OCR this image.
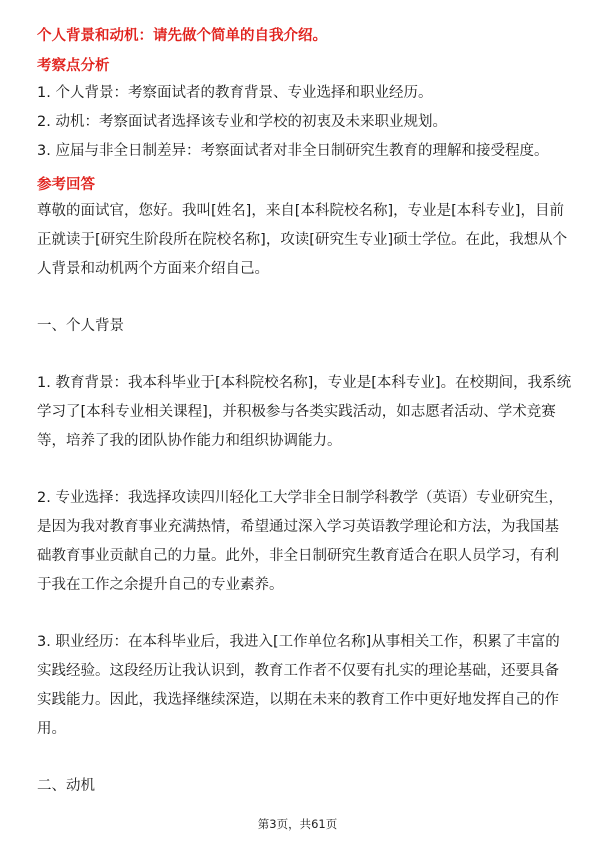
个人背景和动机：请先做个简单的自我介绍。
考察点分析
1. 个人背景：考察面试者的教育背景、专业选择和职业经历。
2. 动机：考察面试者选择该专业和学校的初衷及未来职业规划。
3. 应届与非全日制差异：考察面试者对非全日制研究生教育的理解和接受程度。
参考回答
尊敬的面试官，您好。我叫[姓名]，来自[本科院校名称]，专业是[本科专业]，目前
正就读于[研究生阶段所在院校名称]，攻读[研究生专业]硕士学位。在此，我想从个
人背景和动机两个方面来介绍自己。
一、个人背景
1. 教育背景：我本科毕业于[本科院校名称]，专业是[本科专业]。在校期间，我系统
学习了[本科专业相关课程]，并积极参与各类实践活动，如志愿者活动、学术竞赛
等，培养了我的团队协作能力和组织协调能力。
2. 专业选择：我选择攻读四川轻化工大学非全日制学科教学（英语）专业研究生，
是因为我对教育事业充满热情，希望通过深入学习英语教学理论和方法，为我国基
础教育事业贡献自己的力量。此外，非全日制研究生教育适合在职人员学习，有利
于我在工作之余提升自己的专业素养。
3. 职业经历：在本科毕业后，我进入[工作单位名称]从事相关工作，积累了丰富的
实践经验。这段经历让我认识到，教育工作者不仅要有扎实的理论基础，还要具备
实践能力。因此，我选择继续深造，以期在未来的教育工作中更好地发挥自己的作
用。
二、动机
第3页，共61页
